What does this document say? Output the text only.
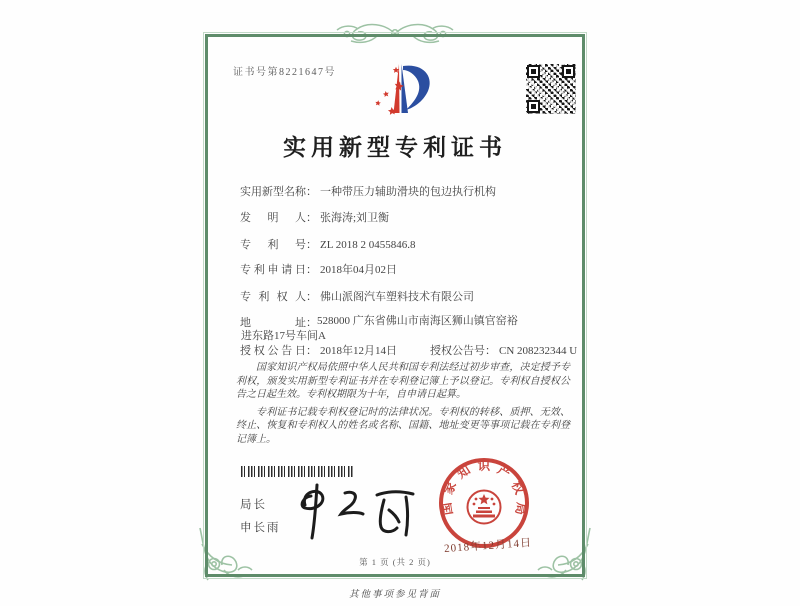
证书号第8221647号
实用新型专利证书
实用新型名称： 一种带压力辅助滑块的包边执行机构
发明人： 张海涛;刘卫衡
专利号： ZL 2018 2 0455846.8
专利申请日： 2018年04月02日
专利权人： 佛山派阁汽车塑料技术有限公司
地址： 528000 广东省佛山市南海区狮山镇官窑裕进东路17号车间A
授权公告日： 2018年12月14日	授权公告号： CN 208232344 U

国家知识产权局依照中华人民共和国专利法经过初步审查，决定授予专利权，颁发实用新型专利证书并在专利登记簿上予以登记。专利权自授权公告之日起生效。专利权期限为十年，自申请日起算。

专利证书记载专利权登记时的法律状况。专利权的转移、质押、无效、终止、恢复和专利权人的姓名或名称、国籍、地址变更等事项记载在专利登记簿上。

局长
申长雨
国家知识产权局
2018年12月14日
第 1 页 (共 2 页)
其他事项参见背面
